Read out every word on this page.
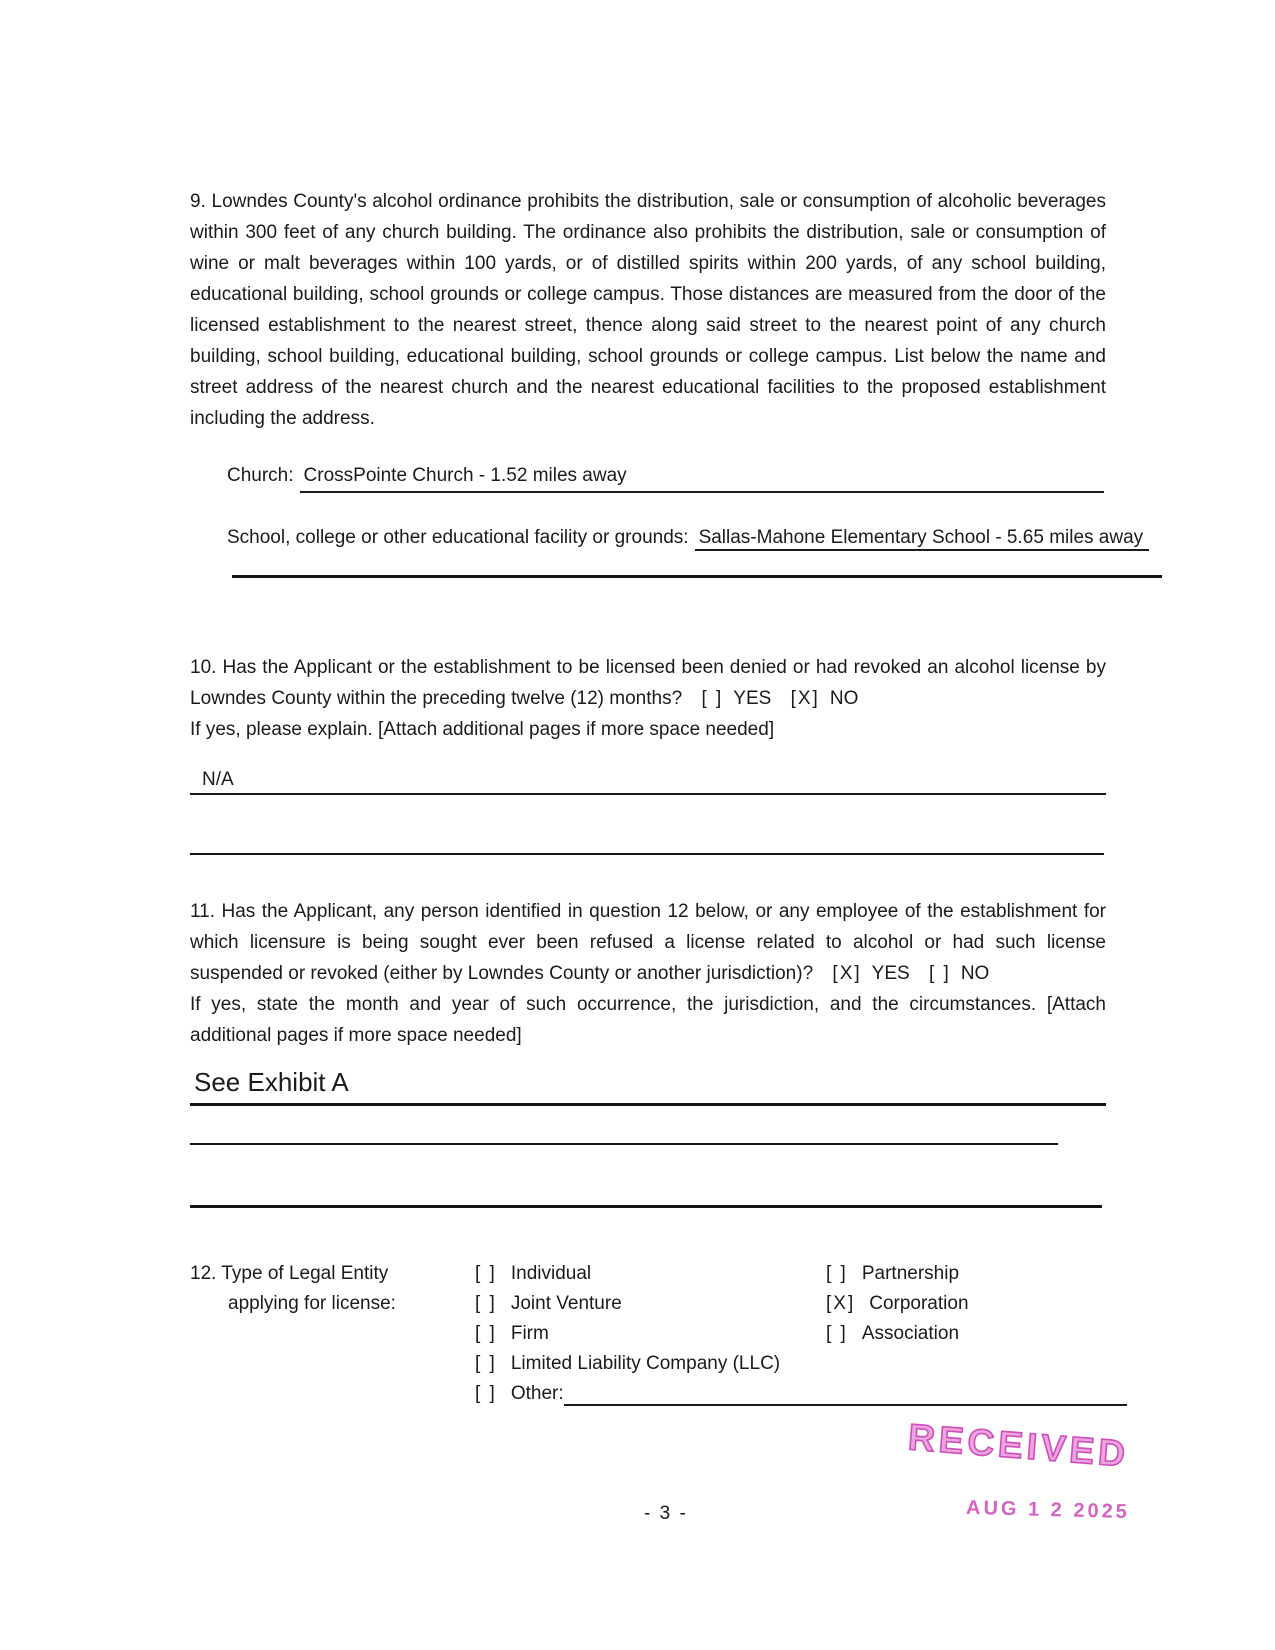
9. Lowndes County's alcohol ordinance prohibits the distribution, sale or consumption of alcoholic beverages within 300 feet of any church building. The ordinance also prohibits the distribution, sale or consumption of wine or malt beverages within 100 yards, or of distilled spirits within 200 yards, of any school building, educational building, school grounds or college campus. Those distances are measured from the door of the licensed establishment to the nearest street, thence along said street to the nearest point of any church building, school building, educational building, school grounds or college campus. List below the name and street address of the nearest church and the nearest educational facilities to the proposed establishment including the address.

Church: CrossPointe Church - 1.52 miles away
School, college or other educational facility or grounds: Sallas-Mahone Elementary School - 5.65 miles away

10. Has the Applicant or the establishment to be licensed been denied or had revoked an alcohol license by Lowndes County within the preceding twelve (12) months? [ ] YES [X] NO
If yes, please explain. [Attach additional pages if more space needed]

N/A

11. Has the Applicant, any person identified in question 12 below, or any employee of the establishment for which licensure is being sought ever been refused a license related to alcohol or had such license suspended or revoked (either by Lowndes County or another jurisdiction)? [X] YES [ ] NO

If yes, state the month and year of such occurrence, the jurisdiction, and the circumstances. [Attach additional pages if more space needed]

See Exhibit A
12. Type of Legal Entity
applying for license:
[ ] Individual
[ ] Joint Venture
[ ] Firm
[ ] Limited Liability Company (LLC)
[ ] Other:
[ ] Partnership
[X] Corporation
[ ] Association
RECEIVED
AUG 1 2 2025
- 3 -
